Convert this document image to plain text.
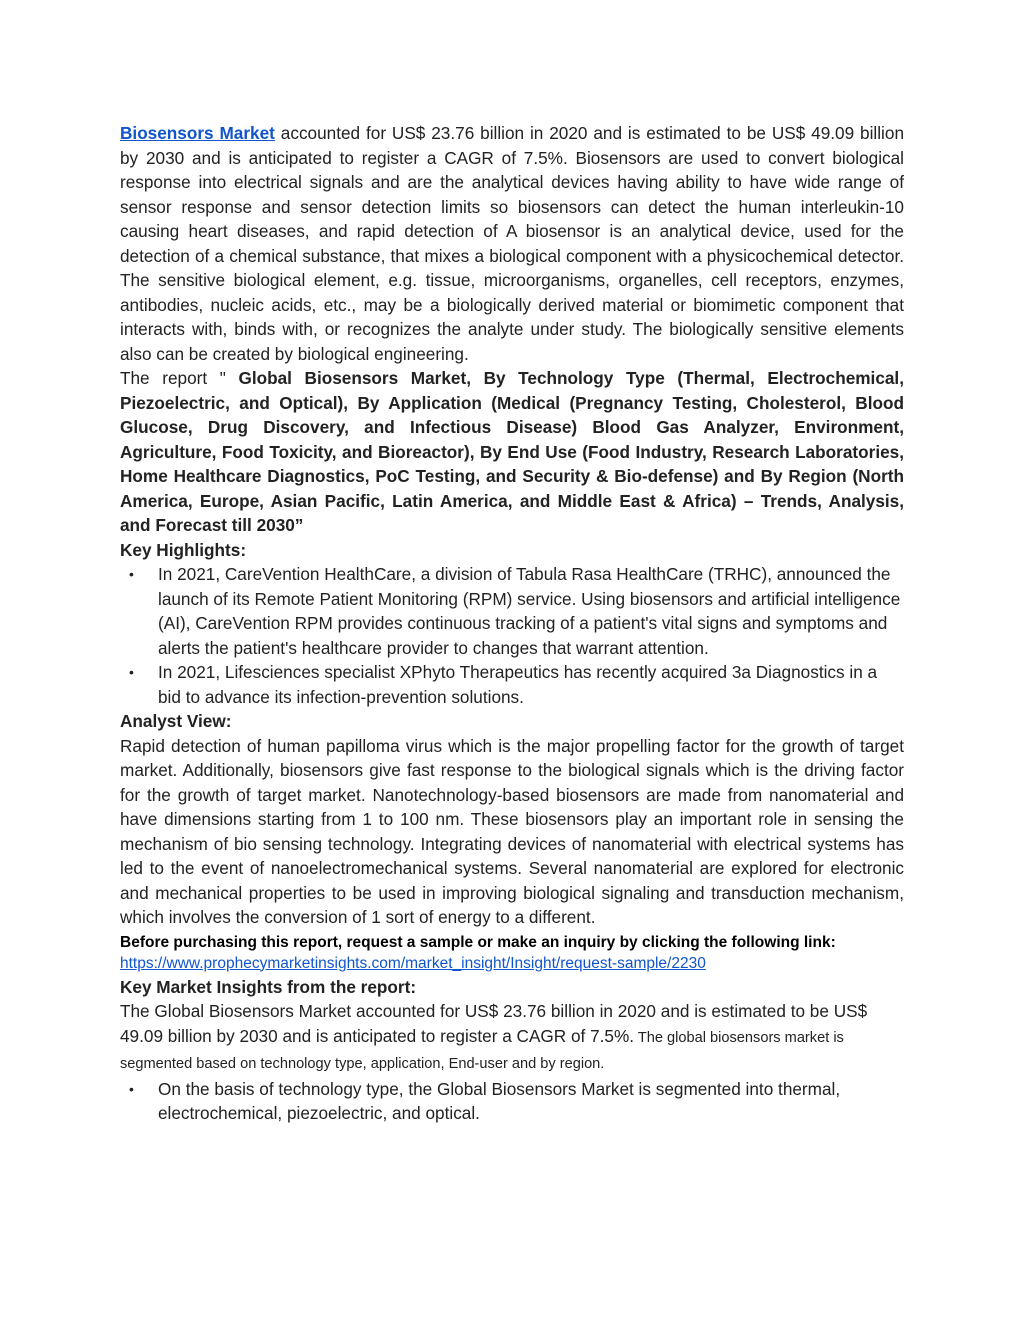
Biosensors Market accounted for US$ 23.76 billion in 2020 and is estimated to be US$ 49.09 billion by 2030 and is anticipated to register a CAGR of 7.5%. Biosensors are used to convert biological response into electrical signals and are the analytical devices having ability to have wide range of sensor response and sensor detection limits so biosensors can detect the human interleukin-10 causing heart diseases, and rapid detection of A biosensor is an analytical device, used for the detection of a chemical substance, that mixes a biological component with a physicochemical detector. The sensitive biological element, e.g. tissue, microorganisms, organelles, cell receptors, enzymes, antibodies, nucleic acids, etc., may be a biologically derived material or biomimetic component that interacts with, binds with, or recognizes the analyte under study. The biologically sensitive elements also can be created by biological engineering.

The report " Global Biosensors Market, By Technology Type (Thermal, Electrochemical, Piezoelectric, and Optical), By Application (Medical (Pregnancy Testing, Cholesterol, Blood Glucose, Drug Discovery, and Infectious Disease) Blood Gas Analyzer, Environment, Agriculture, Food Toxicity, and Bioreactor), By End Use (Food Industry, Research Laboratories, Home Healthcare Diagnostics, PoC Testing, and Security & Bio-defense) and By Region (North America, Europe, Asian Pacific, Latin America, and Middle East & Africa) – Trends, Analysis, and Forecast till 2030”

Key Highlights:

• In 2021, CareVention HealthCare, a division of Tabula Rasa HealthCare (TRHC), announced the launch of its Remote Patient Monitoring (RPM) service. Using biosensors and artificial intelligence (AI), CareVention RPM provides continuous tracking of a patient's vital signs and symptoms and alerts the patient's healthcare provider to changes that warrant attention.
• In 2021, Lifesciences specialist XPhyto Therapeutics has recently acquired 3a Diagnostics in a bid to advance its infection-prevention solutions.

Analyst View:

Rapid detection of human papilloma virus which is the major propelling factor for the growth of target market. Additionally, biosensors give fast response to the biological signals which is the driving factor for the growth of target market. Nanotechnology-based biosensors are made from nanomaterial and have dimensions starting from 1 to 100 nm. These biosensors play an important role in sensing the mechanism of bio sensing technology. Integrating devices of nanomaterial with electrical systems has led to the event of nanoelectromechanical systems. Several nanomaterial are explored for electronic and mechanical properties to be used in improving biological signaling and transduction mechanism, which involves the conversion of 1 sort of energy to a different.

Before purchasing this report, request a sample or make an inquiry by clicking the following link:

https://www.prophecymarketinsights.com/market_insight/Insight/request-sample/2230

Key Market Insights from the report:

The Global Biosensors Market accounted for US$ 23.76 billion in 2020 and is estimated to be US$ 49.09 billion by 2030 and is anticipated to register a CAGR of 7.5%. The global biosensors market is segmented based on technology type, application, End-user and by region.

• On the basis of technology type, the Global Biosensors Market is segmented into thermal, electrochemical, piezoelectric, and optical.
